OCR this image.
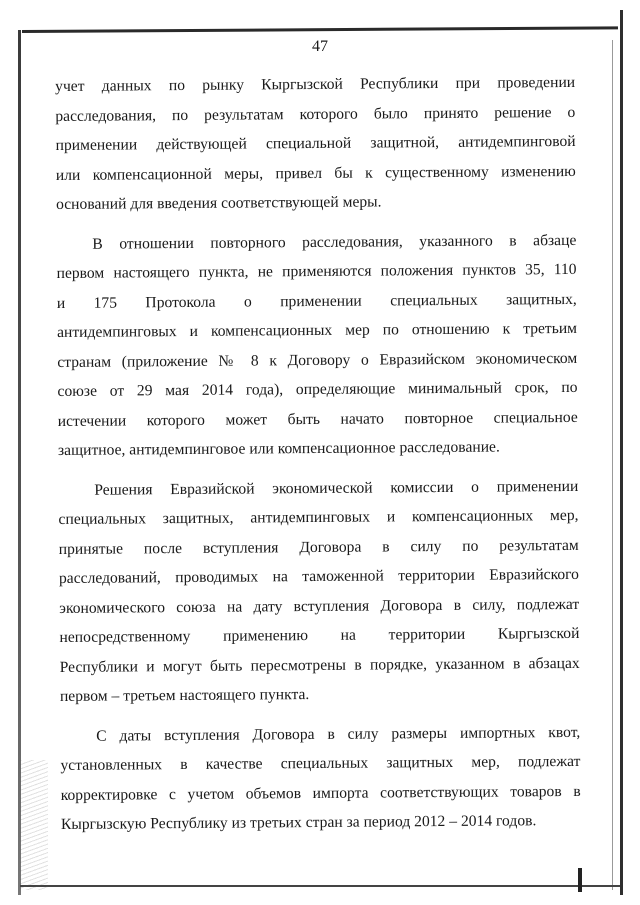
47

учет данных по рынку Кыргызской Республики при проведении
расследования, по результатам которого было принято решение о
применении действующей специальной защитной, антидемпинговой
или компенсационной меры, привел бы к существенному изменению
оснований для введения соответствующей меры.

В отношении повторного расследования, указанного в абзаце
первом настоящего пункта, не применяются положения пунктов 35, 110
и 175 Протокола о применении специальных защитных,
антидемпинговых и компенсационных мер по отношению к третьим
странам (приложение № 8 к Договору о Евразийском экономическом
союзе от 29 мая 2014 года), определяющие минимальный срок, по
истечении которого может быть начато повторное специальное
защитное, антидемпинговое или компенсационное расследование.

Решения Евразийской экономической комиссии о применении
специальных защитных, антидемпинговых и компенсационных мер,
принятые после вступления Договора в силу по результатам
расследований, проводимых на таможенной территории Евразийского
экономического союза на дату вступления Договора в силу, подлежат
непосредственному применению на территории Кыргызской
Республики и могут быть пересмотрены в порядке, указанном в абзацах
первом – третьем настоящего пункта.

С даты вступления Договора в силу размеры импортных квот,
установленных в качестве специальных защитных мер, подлежат
корректировке с учетом объемов импорта соответствующих товаров в
Кыргызскую Республику из третьих стран за период 2012 – 2014 годов.
